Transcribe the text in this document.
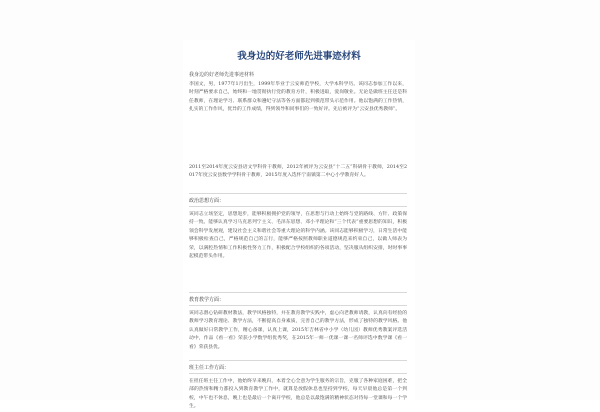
我身边的好老师先进事迹材料
我身边的好老师先进事迹材料
李国文，男，1977年1月出生，1999年毕业于云安师范学校，大学本科学历。该同志参加工作以来，时刻严格要求自己，始终和一地贯彻执行党的教育方针，积极进取，爱岗敬业。无论是做班主任还是科任教师，在理论学习、联系群众和遵纪守法等各方面都起到模范带头示范作用。他以饱满的工作热情，扎实的工作作风，优异的工作成绩，得到领导和同事们的一致好评。先后被评为“云安县优秀教师”。
2011至2014年度云安县语文学科骨干教师，2012年被评为云安县“十二五”科研骨干教师，2014至2017年度云安县数学学科骨干教师，2015年度入选怀宁南镇第二中心小学教育好人。
政治思想方面：
该同志立场坚定，思想进步，能够积极拥护党的领导，在思想与行动上始终与党的路线、方针、政策保持一致。能够认真学习马克思列宁主义、毛泽东思想、邓小平理论和“三个代表”重要思想的知识，积极领会科学发展观，建设社会主义和谐社会等重大理论的科学内涵。该同志能够积极学习，日常生活中能够积极检查自己，严格规范自己的言行，能够严格按照教师职业道德规范来约束自己，以做人师表为荣，以满腔热情和工作积极性努力工作，积极配合学校组织的各项活动，坚决服从组织安排，时时事事起模范带头作用。
教育教学方面：
该同志潜心钻研教材教法，教学风格独特，并在教育教学实践中，虚心向老教师请教，认真向有经验的教师学习教育理论、教学方法，不断提高自身素质，完善自己的教学方法，形成了独特的教学风格。他认真做好日常教学工作，精心备课，认真上课，2015年吉林省中小学（幼儿园）教师优秀教案评选活动中，作品《看一看》荣获小学数学组优秀奖，在2015年一师一优课一课一名师评选中数学课《看一看》荣获县优。
班主任工作方面：
在担任班主任工作中，他始终早来晚归，本着全心全意为学生服务的宗旨，克服了各种家庭困难，把全部的热情和精力都投入到教育教学工作中，就算是放假休息也坚持到学校，每天早晨他总是第一个到校，中午也不休息，晚上也是最后一个离开学校，他总是以最饱满的精神状态对待每一堂课和每一个学生。
